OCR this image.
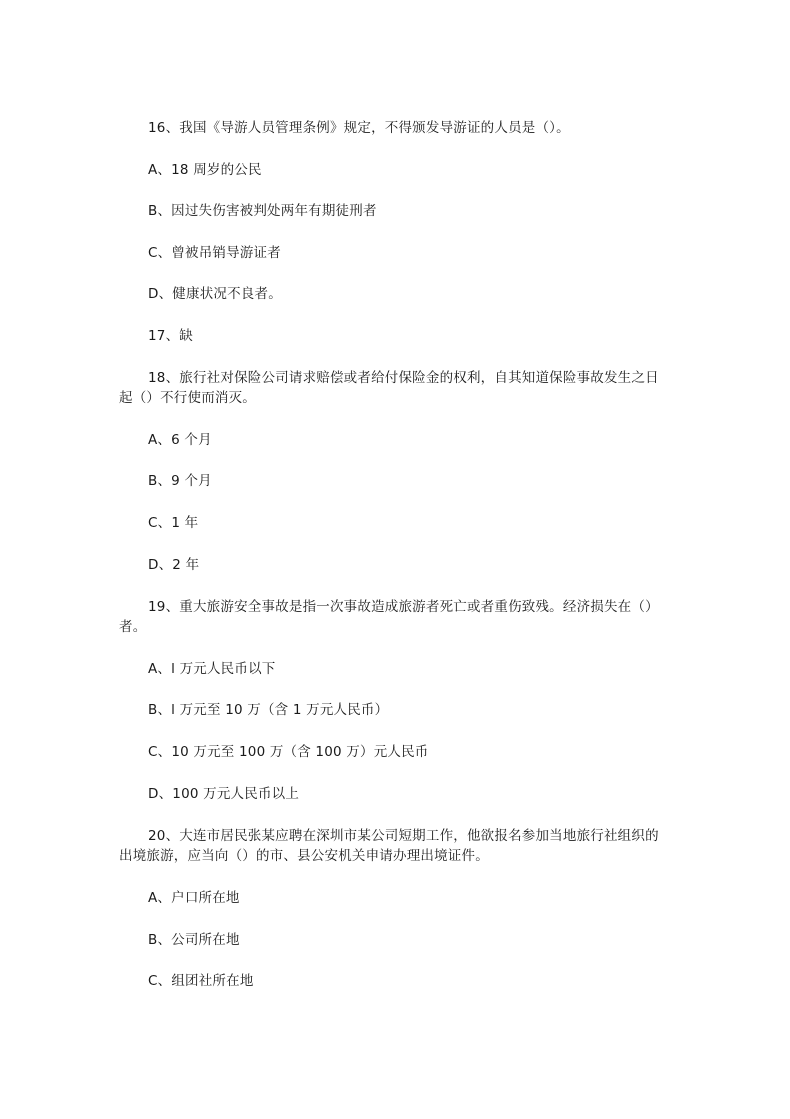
16、我国《导游人员管理条例》规定，不得颁发导游证的人员是（）。
A、18 周岁的公民
B、因过失伤害被判处两年有期徒刑者
C、曾被吊销导游证者
D、健康状况不良者。
17、缺
18、旅行社对保险公司请求赔偿或者给付保险金的权利，自其知道保险事故发生之日
起（）不行使而消灭。
A、6 个月
B、9 个月
C、1 年
D、2 年
19、重大旅游安全事故是指一次事故造成旅游者死亡或者重伤致残。经济损失在（）
者。
A、l 万元人民币以下
B、l 万元至 10 万（含 1 万元人民币）
C、10 万元至 100 万（含 100 万）元人民币
D、100 万元人民币以上
20、大连市居民张某应聘在深圳市某公司短期工作，他欲报名参加当地旅行社组织的
出境旅游，应当向（）的市、县公安机关申请办理出境证件。
A、户口所在地
B、公司所在地
C、组团社所在地
